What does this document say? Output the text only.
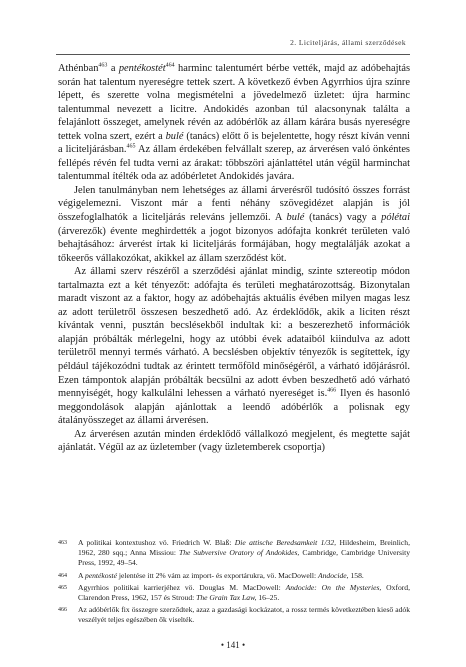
2. Liciteljárás, állami szerződések

Athénban$^{463}$ a pentékostét$^{464}$ harminc talentumért bérbe vették, majd az adóbehajtás során hat talentum nyereségre tettek szert. A következő évben Agyrrhios újra színre lépett, és szerette volna megismételni a jövedelmező üzletet: újra harminc talentummal nevezett a licitre. Andokidés azonban túl alacsonynak találta a felajánlott összeget, amelynek révén az adóbérlők az állam kárára busás nyereségre tettek volna szert, ezért a bulé (tanács) előtt ő is bejelentette, hogy részt kíván venni a liciteljárásban.$^{465}$ Az állam érdekében felvállalt szerep, az árverésen való önkéntes fellépés révén fel tudta verni az árakat: többszöri ajánlattétel után végül harminchat talentummal ítélték oda az adóbérletet Andokidés javára.

Jelen tanulmányban nem lehetséges az állami árverésről tudósító összes forrást végigelemezni. Viszont már a fenti néhány szövegidézet alapján is jól összefoglalhatók a liciteljárás releváns jellemzői. A bulé (tanács) vagy a pólétai (árverezők) évente meghirdették a jogot bizonyos adófajta konkrét területen való behajtásához: árverést írtak ki liciteljárás formájában, hogy megtalálják azokat a tőkeerős vállakozókat, akikkel az állam szerződést köt.

Az állami szerv részéről a szerződési ajánlat mindig, szinte sztereotip módon tartalmazta ezt a két tényezőt: adófajta és területi meghatározottság. Bizonytalan maradt viszont az a faktor, hogy az adóbehajtás aktuális évében milyen magas lesz az adott területről összesen beszedhető adó. Az érdeklődők, akik a liciten részt kívántak venni, pusztán becslésekből indultak ki: a beszerezhető információk alapján próbálták mérlegelni, hogy az utóbbi évek adataiból kiindulva az adott területről mennyi termés várható. A becslésben objektív tényezők is segítettek, így például tájékozódni tudtak az érintett termőföld minőségéről, a várható időjárásról. Ezen támpontok alapján próbálták becsülni az adott évben beszedhető adó várható mennyiségét, hogy kalkulálni lehessen a várható nyereséget is.$^{466}$ Ilyen és hasonló meggondolások alapján ajánlottak a leendő adóbérlők a polisnak egy átalányösszeget az állami árverésen.

Az árverésen azután minden érdeklődő vállalkozó megjelent, és megtette saját ajánlatát. Végül az az üzletember (vagy üzletemberek csoportja)

463 A politikai kontextushoz vö. Friedrich W. Blaß: Die attische Beredsamkeit 1/32, Hildesheim, Breinlich, 1962, 280 sqq.; Anna Missiou: The Subversive Oratory of Andokides, Cambridge, Cambridge University Press, 1992, 49–54.
464 A pentékosté jelentése itt 2% vám az import- és exportárukra, vö. MacDowell: Andocide, 158.
465 Agyrrhios politikai karrierjéhez vö. Douglas M. MacDowell: Andocide: On the Mysteries, Oxford, Clarendon Press, 1962, 157 és Stroud: The Grain Tax Law, 16–25.
466 Az adóbérlők fix összegre szerződtek, azaz a gazdasági kockázatot, a rossz termés következtében kieső adók veszélyét teljes egészében ők viselték.
• 141 •
